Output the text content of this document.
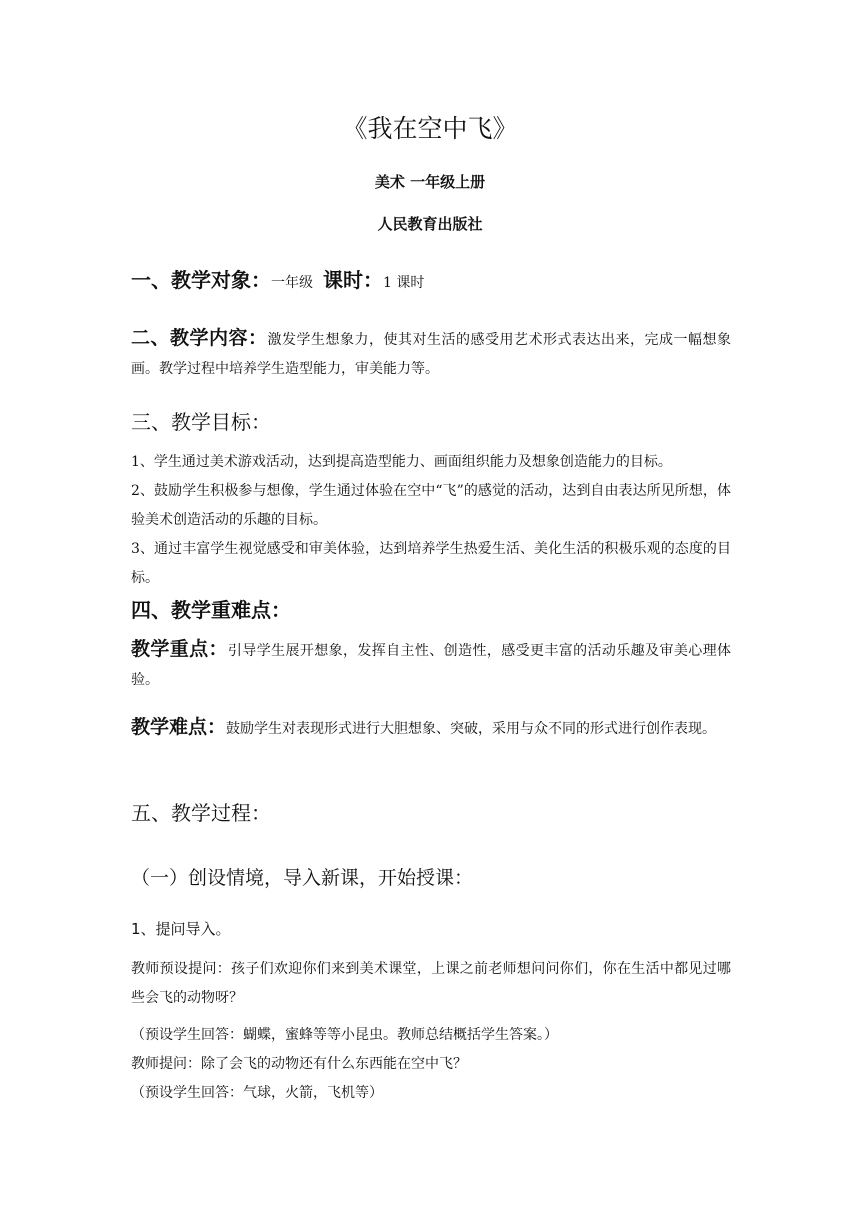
《我在空中飞》
美术 一年级上册
人民教育出版社
一、教学对象：一年级 课时：1 课时
二、教学内容：激发学生想象力，使其对生活的感受用艺术形式表达出来，完成一幅想象画。教学过程中培养学生造型能力，审美能力等。
三、教学目标：
1、学生通过美术游戏活动，达到提高造型能力、画面组织能力及想象创造能力的目标。
2、鼓励学生积极参与想像，学生通过体验在空中“飞”的感觉的活动，达到自由表达所见所想，体验美术创造活动的乐趣的目标。
3、通过丰富学生视觉感受和审美体验，达到培养学生热爱生活、美化生活的积极乐观的态度的目标。
四、教学重难点：
教学重点：引导学生展开想象，发挥自主性、创造性，感受更丰富的活动乐趣及审美心理体验。
教学难点：鼓励学生对表现形式进行大胆想象、突破，采用与众不同的形式进行创作表现。
五、教学过程：
（一）创设情境，导入新课，开始授课：
1、提问导入。
教师预设提问：孩子们欢迎你们来到美术课堂，上课之前老师想问问你们，你在生活中都见过哪些会飞的动物呀？
（预设学生回答：蝴蝶，蜜蜂等等小昆虫。教师总结概括学生答案。）
教师提问：除了会飞的动物还有什么东西能在空中飞？
（预设学生回答：气球，火箭，飞机等）
